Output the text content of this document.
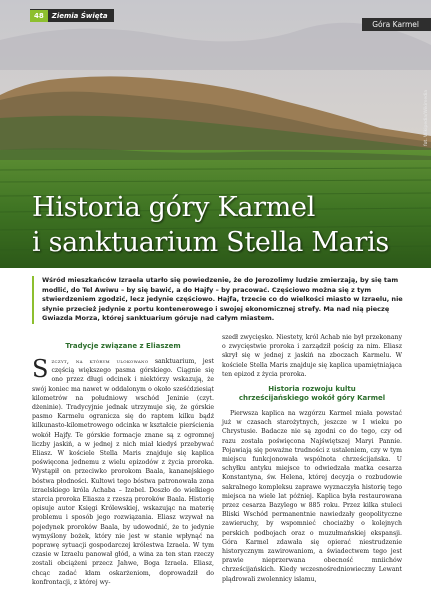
48	Ziemia Święta
Góra Karmel
fot. Wikipedia/Wikimedia
Historia góry Karmel
i sanktuarium Stella Maris

Wśród mieszkańców Izraela utarło się powiedzenie, że do Jerozolimy ludzie zmierzają, by się tam modlić, do Tel Awiwu – by się bawić, a do Hajfy – by pracować. Częściowo można się z tym stwierdzeniem zgodzić, lecz jedynie częściowo. Hajfa, trzecie co do wielkości miasto w Izraelu, nie słynie przecież jedynie z portu kontenerowego i swojej ekonomicznej strefy. Ma nad nią pieczę Gwiazda Morza, której sanktuarium góruje nad całym miastem.

Tradycje związane z Eliaszem

Szczyt, na którym ulokowano sanktuarium, jest częścią większego pasma górskiego. Ciągnie się ono przez długi odcinek i niektórzy wskazują, że swój koniec ma nawet w oddalonym o około sześćdziesiąt kilometrów na południowy wschód Jeninie (czyt. dżeninie). Tradycyjnie jednak utrzymuje się, że górskie pasmo Karmelu ogranicza się do raptem kilku bądź kilkunasto-kilometrowego odcinka w kształcie pierścienia wokół Hajfy. Te górskie formacje znane są z ogromnej liczby jaskiń, a w jednej z nich miał kiedyś przebywać Eliasz. W kościele Stella Maris znajduje się kaplica poświęcona jednemu z wielu epizodów z życia proroka. Wystąpił on przeciwko prorokom Baala, kananejskiego bóstwa płodności. Kultowi tego bóstwa patronowała zona izraelskiego króla Achaba – Izebel. Doszło do wielkiego starcia proroka Eliasza z rzeszą proroków Baala. Historię opisuje autor Księgi Królewskiej, wskazując na materię problemu i sposób jego rozwiązania. Eliasz wzywał na pojedynek proroków Baala, by udowodnić, że to jedynie wymyślony bożek, który nie jest w stanie wpłynąć na poprawę sytuacji gospodarczej królestwa Izraela. W tym czasie w Izraelu panował głód, a wina za ten stan rzeczy zostali obciążeni przecz Jahwe, Boga Izraela. Eliasz, chcąc zadać kłam oskarżeniom, doprowadził do konfrontacji, z której wy-

szedł zwycięsko. Niestety, król Achab nie był przekonany o zwycięstwie proroka i zarządził pościg za nim. Eliasz skrył się w jednej z jaskiń na zboczach Karmelu. W kościele Stella Maris znajduje się kaplica upamiętniająca ten epizod z życia proroka.

Historia rozwoju kultu
chrześcijańskiego wokół góry Karmel

Pierwsza kaplica na wzgórzu Karmel miała powstać już w czasach starożytnych, jeszcze w I wieku po Chrystusie. Badacze nie są zgodni co do tego, czy od razu została poświęcona Najświętszej Maryi Pannie. Pojawiają się poważne trudności z ustaleniem, czy w tym miejscu funkcjonowała wspólnota chrześcijańska. U schyłku antyku miejsce to odwiedzała matka cesarza Konstantyna, św. Helena, której decyzja o rozbudowie sakralnego kompleksu zaprawe wyznaczyła historię tego miejsca na wiele lat później. Kaplica była restaurowana przez cesarza Bazylego w 885 roku. Przez kilka stuleci Bliski Wschód permanentnie nawiedzały geopolityczne zawieruchy, by wspomnieć chociażby o kolejnych perskich podbojach oraz o muzułmańskiej ekspansji. Góra Karmel zdawała się opierać niestrudzenie historycznym zawirowaniom, a świadectwem tego jest prawie nieprzerwana obecność mniichów chrześcijańskich. Kiedy wczesnośredniowieczny Lewant plądrowali zwolennicy islamu,
